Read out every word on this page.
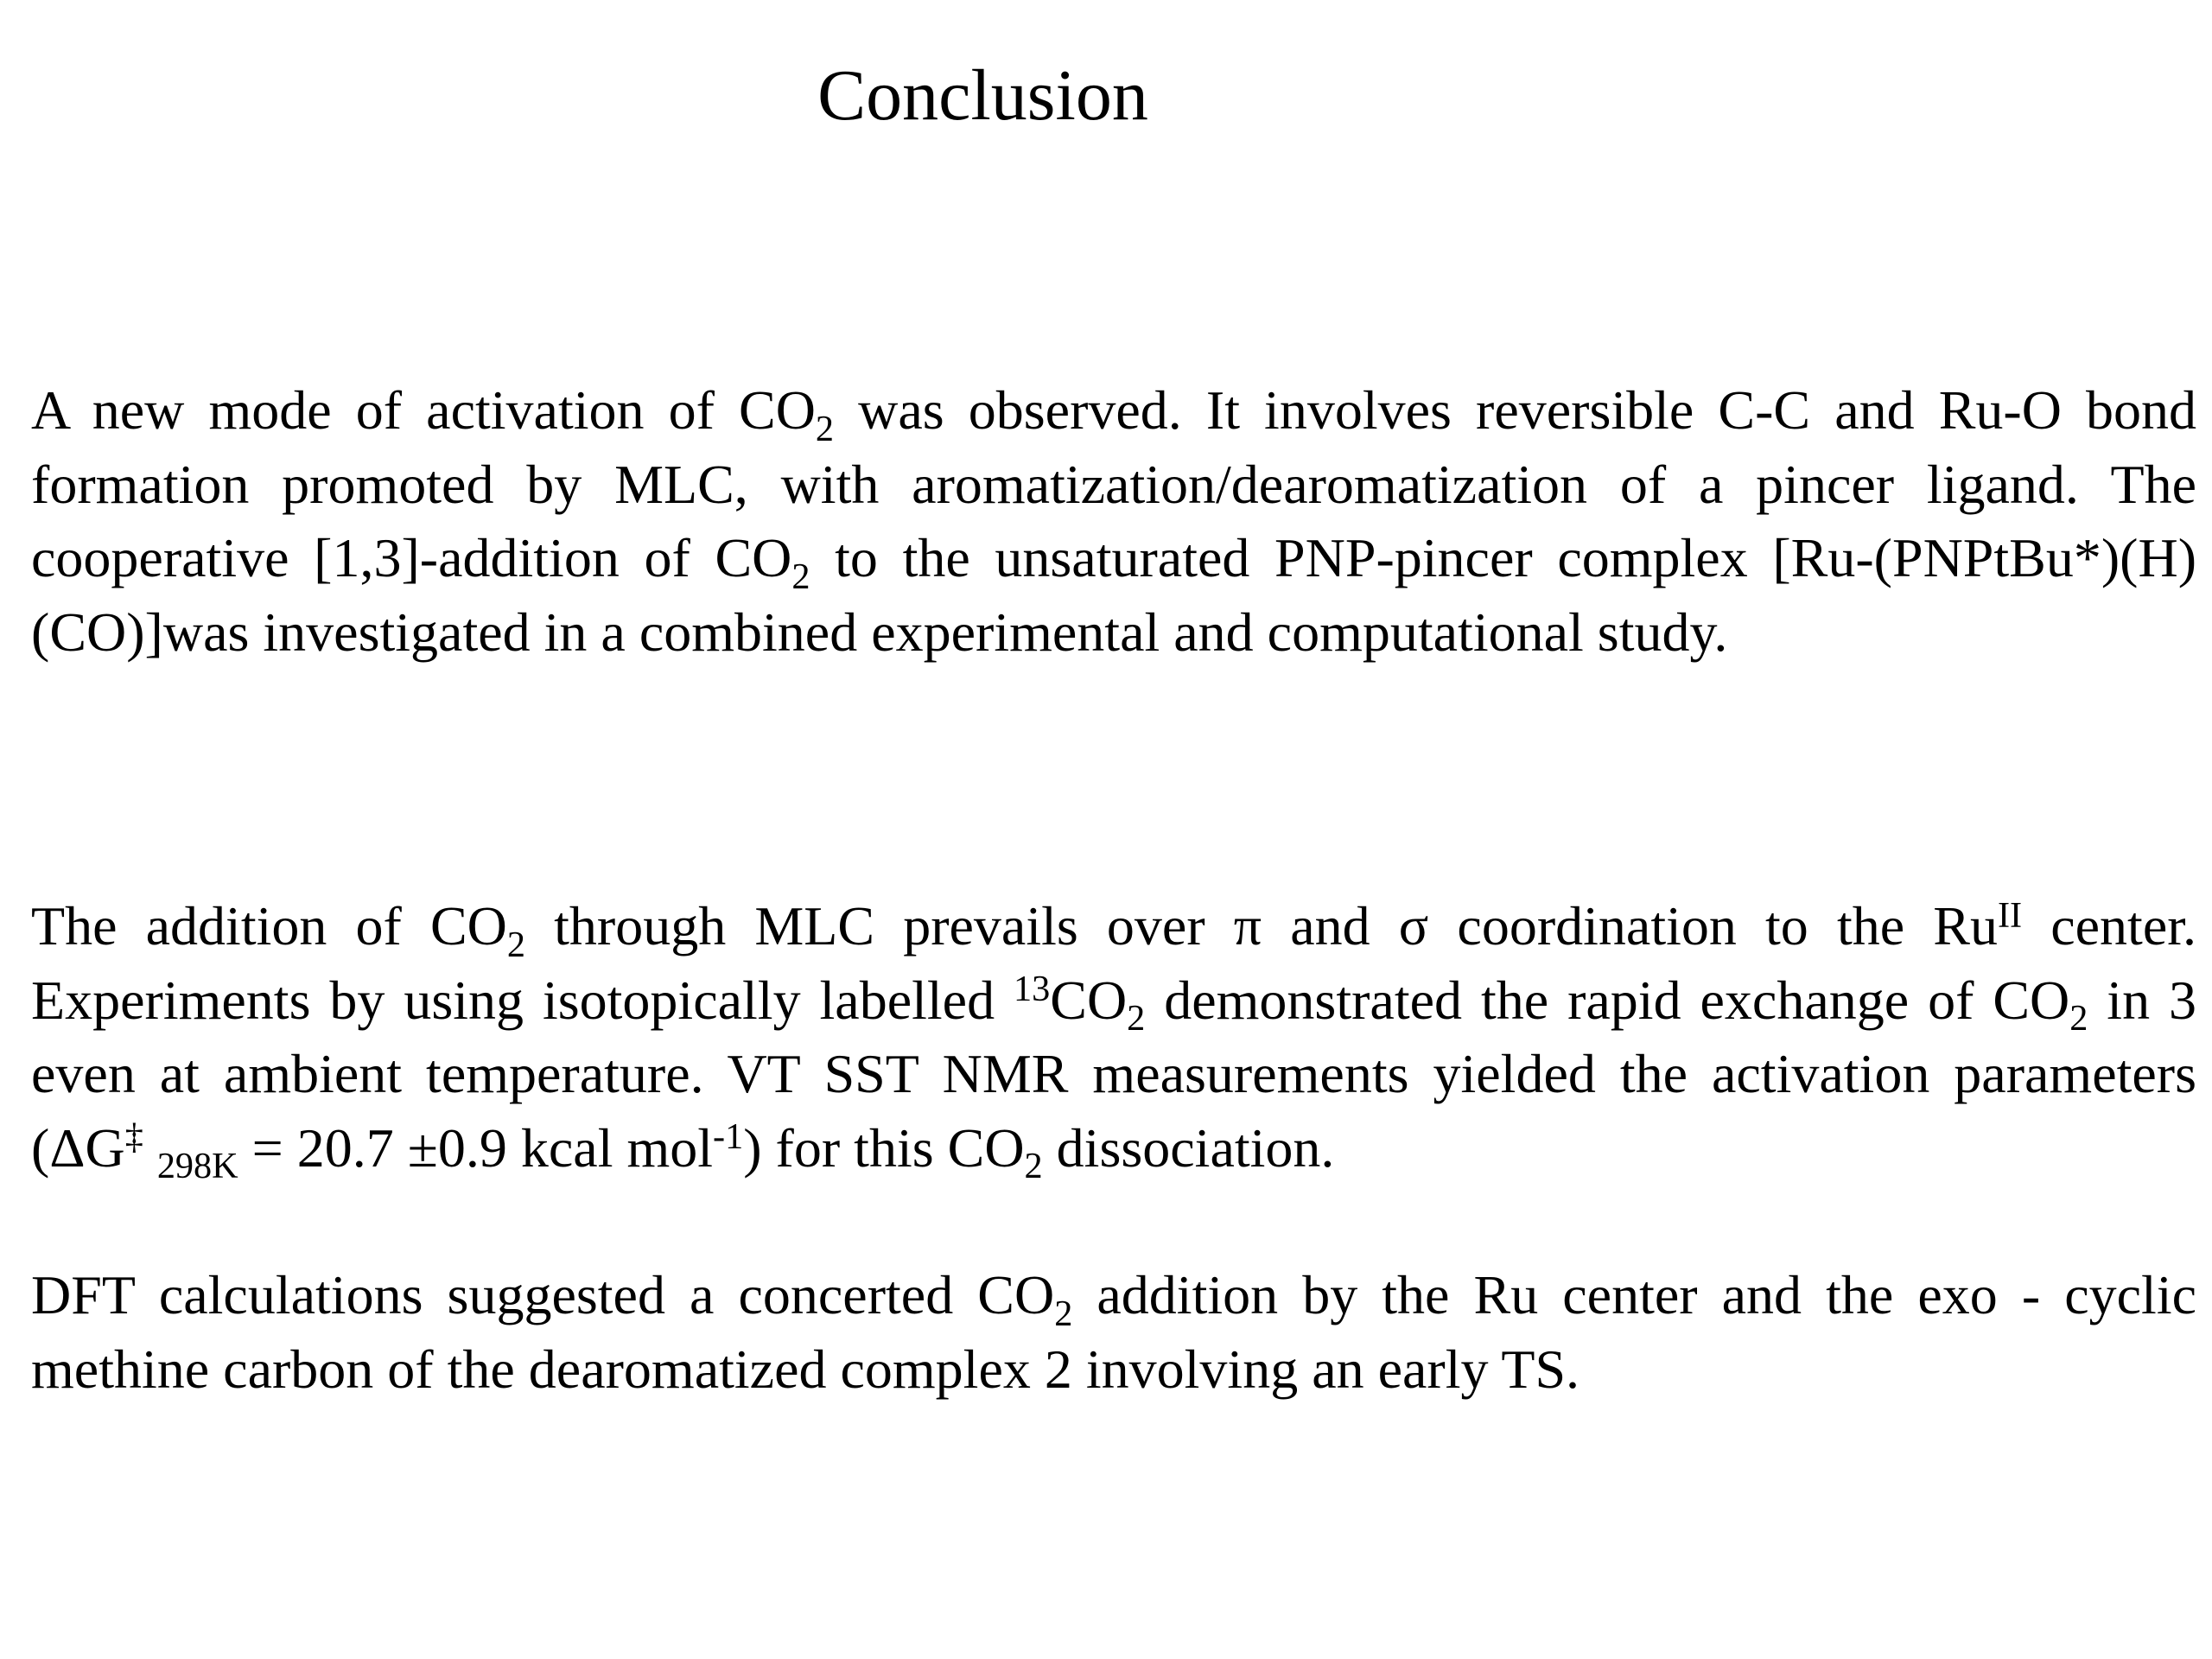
Conclusion

A new mode of activation of $CO_2$ was observed. It involves reversible C-C and Ru-O bond formation promoted by MLC, with aromatization/dearomatization of a pincer ligand. The cooperative [1,3]-addition of $CO_2$ to the unsaturated PNP-pincer complex [Ru-(PNPtBu*)(H)(CO)]was investigated in a combined experimental and computational study.

The addition of $CO_2$ through MLC prevails over π and σ coordination to the $Ru^{II}$ center. Experiments by using isotopically labelled $^{13}CO_2$ demonstrated the rapid exchange of $CO_2$ in 3 even at ambient temperature. VT SST NMR measurements yielded the activation parameters (ΔG‡ $_{298K}$ = 20.7 ±0.9 kcal mol$^{-1}$) for this $CO_2$ dissociation.

DFT calculations suggested a concerted $CO_2$ addition by the Ru center and the exo - cyclic methine carbon of the dearomatized complex 2 involving an early TS.
